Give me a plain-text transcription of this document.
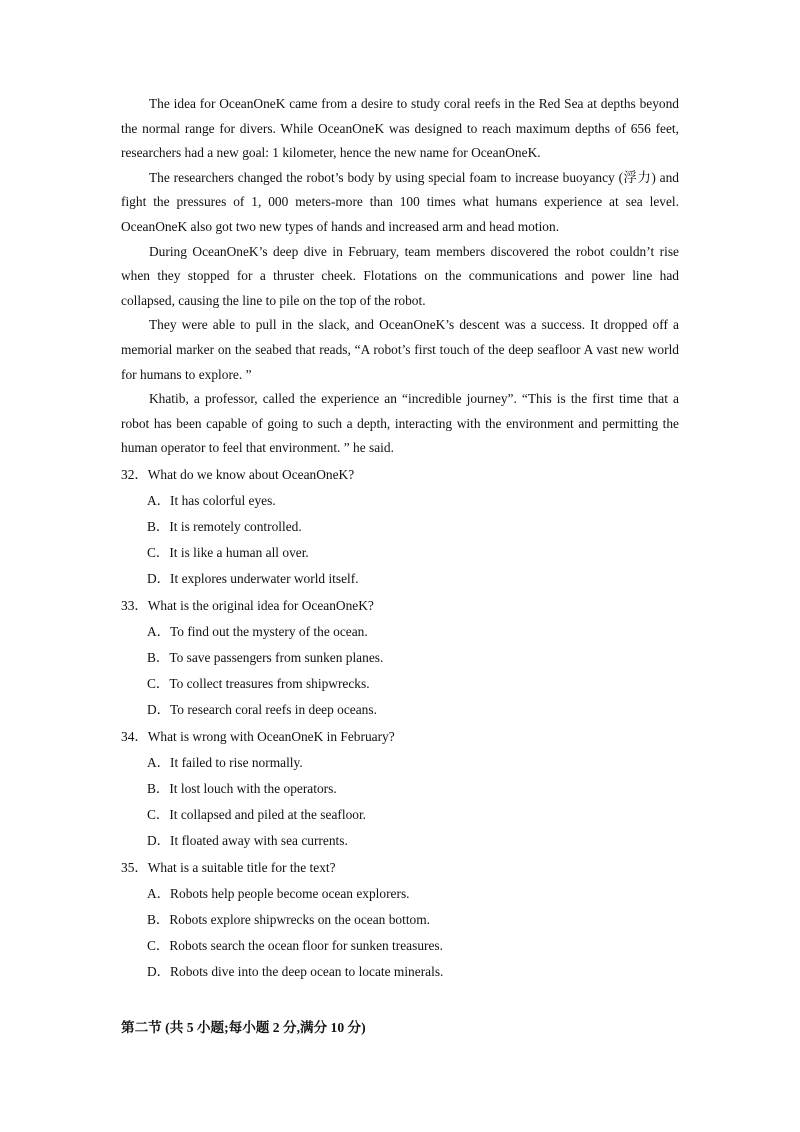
The idea for OceanOneK came from a desire to study coral reefs in the Red Sea at depths beyond the normal range for divers. While OceanOneK was designed to reach maximum depths of 656 feet, researchers had a new goal: 1 kilometer, hence the new name for OceanOneK.

The researchers changed the robot’s body by using special foam to increase buoyancy (浮力) and fight the pressures of 1, 000 meters-more than 100 times what humans experience at sea level. OceanOneK also got two new types of hands and increased arm and head motion.

During OceanOneK’s deep dive in February, team members discovered the robot couldn’t rise when they stopped for a thruster cheek. Flotations on the communications and power line had collapsed, causing the line to pile on the top of the robot.

They were able to pull in the slack, and OceanOneK’s descent was a success. It dropped off a memorial marker on the seabed that reads, “A robot’s first touch of the deep seafloor A vast new world for humans to explore. ”

Khatib, a professor, called the experience an “incredible journey”. “This is the first time that a robot has been capable of going to such a depth, interacting with the environment and permitting the human operator to feel that environment. ” he said.

32．What do we know about OceanOneK?

A．It has colorful eyes.

B．It is remotely controlled.

C．It is like a human all over.

D．It explores underwater world itself.

33．What is the original idea for OceanOneK?

A．To find out the mystery of the ocean.

B．To save passengers from sunken planes.

C．To collect treasures from shipwrecks.

D．To research coral reefs in deep oceans.

34．What is wrong with OceanOneK in February?

A．It failed to rise normally.

B．It lost louch with the operators.

C．It collapsed and piled at the seafloor.

D．It floated away with sea currents.

35．What is a suitable title for the text?

A．Robots help people become ocean explorers.

B．Robots explore shipwrecks on the ocean bottom.

C．Robots search the ocean floor for sunken treasures.

D．Robots dive into the deep ocean to locate minerals.

第二节 (共 5 小题;每小题 2 分,满分 10 分)
